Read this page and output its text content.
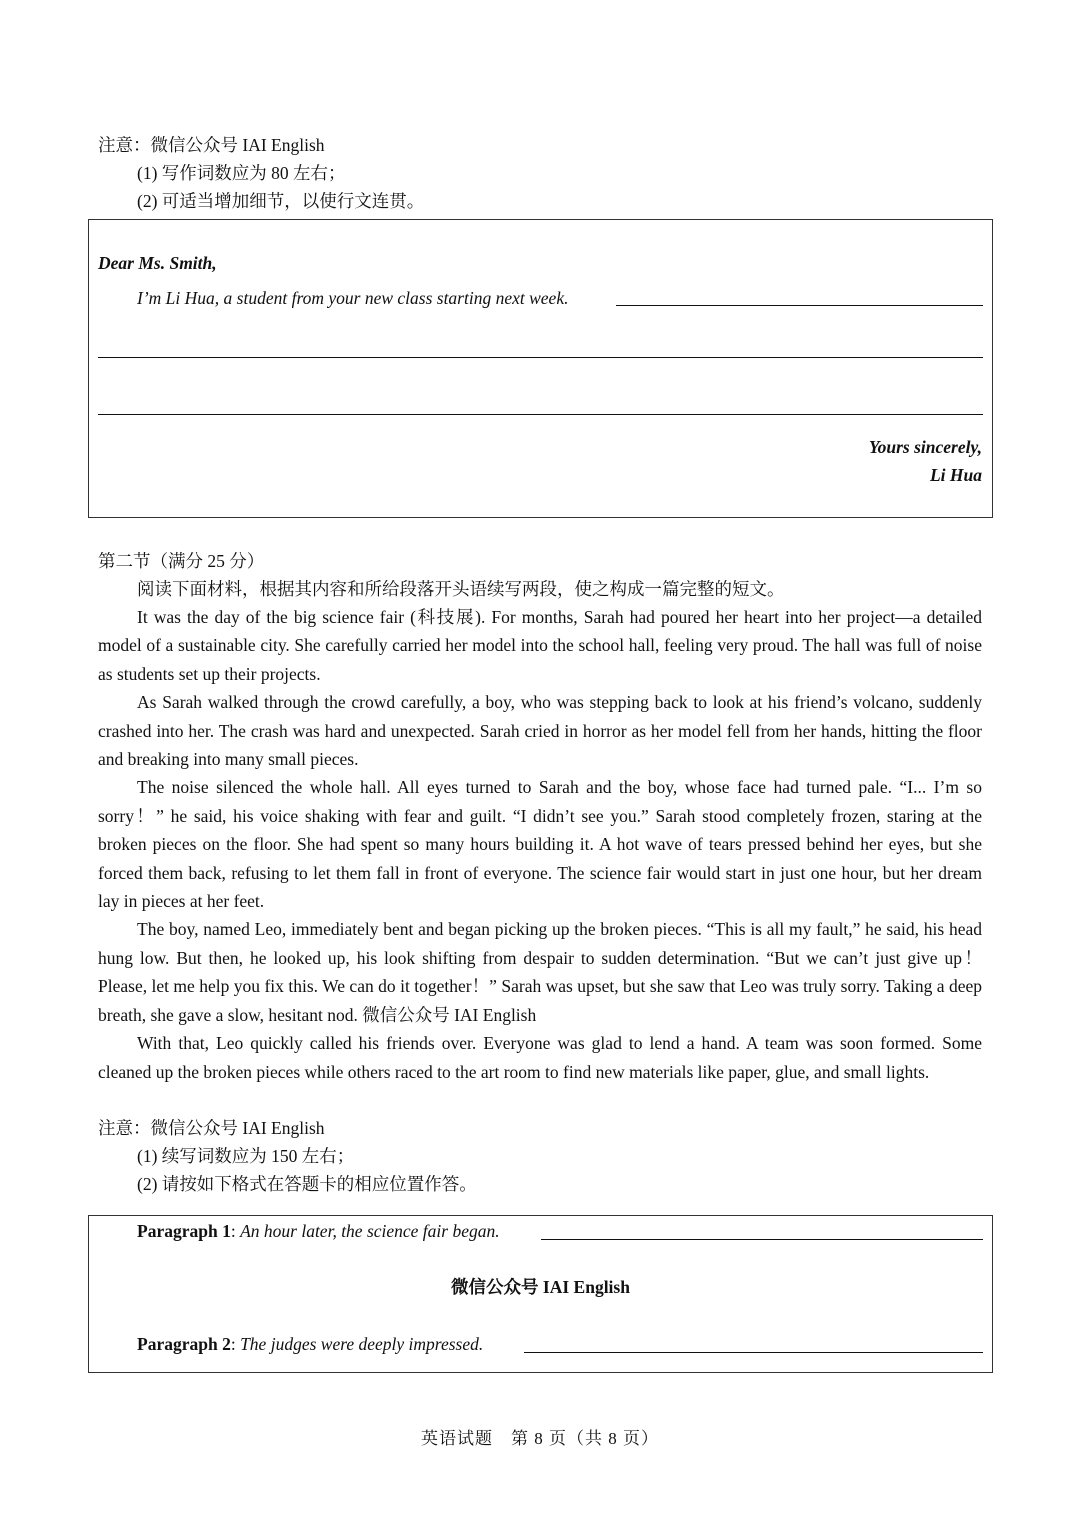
注意：微信公众号 IAI English
(1) 写作词数应为 80 左右；
(2) 可适当增加细节，以使行文连贯。
Dear Ms. Smith,
I’m Li Hua, a student from your new class starting next week.
Yours sincerely,
Li Hua
第二节（满分 25 分）
阅读下面材料，根据其内容和所给段落开头语续写两段，使之构成一篇完整的短文。

It was the day of the big science fair (科技展). For months, Sarah had poured her heart into her project—a detailed model of a sustainable city. She carefully carried her model into the school hall, feeling very proud. The hall was full of noise as students set up their projects.

As Sarah walked through the crowd carefully, a boy, who was stepping back to look at his friend’s volcano, suddenly crashed into her. The crash was hard and unexpected. Sarah cried in horror as her model fell from her hands, hitting the floor and breaking into many small pieces.

The noise silenced the whole hall. All eyes turned to Sarah and the boy, whose face had turned pale. “I... I’m so sorry！” he said, his voice shaking with fear and guilt. “I didn’t see you.” Sarah stood completely frozen, staring at the broken pieces on the floor. She had spent so many hours building it. A hot wave of tears pressed behind her eyes, but she forced them back, refusing to let them fall in front of everyone. The science fair would start in just one hour, but her dream lay in pieces at her feet.

The boy, named Leo, immediately bent and began picking up the broken pieces. “This is all my fault,” he said, his head hung low. But then, he looked up, his look shifting from despair to sudden determination. “But we can’t just give up！　Please, let me help you fix this. We can do it together！” Sarah was upset, but she saw that Leo was truly sorry. Taking a deep breath, she gave a slow, hesitant nod. 微信公众号 IAI English

With that, Leo quickly called his friends over. Everyone was glad to lend a hand. A team was soon formed. Some cleaned up the broken pieces while others raced to the art room to find new materials like paper, glue, and small lights.

注意：微信公众号 IAI English
(1) 续写词数应为 150 左右；
(2) 请按如下格式在答题卡的相应位置作答。
Paragraph 1: An hour later, the science fair began.
微信公众号 IAI English
Paragraph 2: The judges were deeply impressed.
英语试题　第 8 页（共 8 页）
